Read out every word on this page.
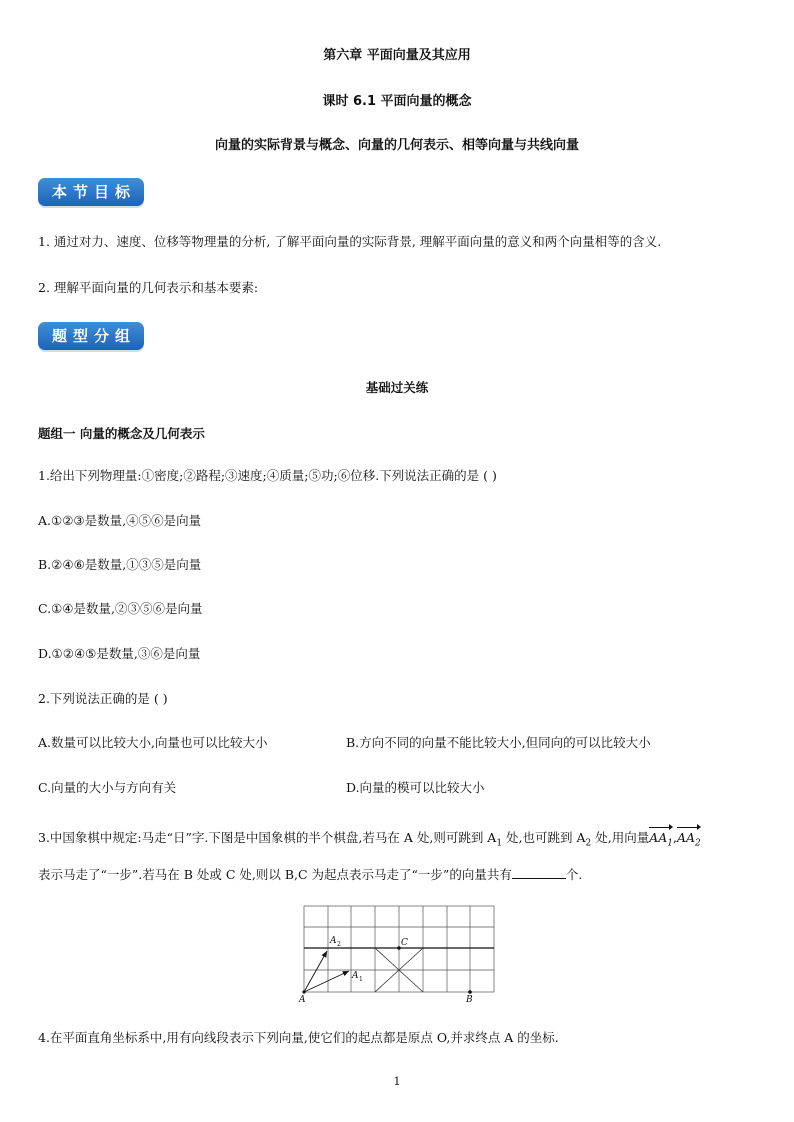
第六章 平面向量及其应用
课时 6.1 平面向量的概念
向量的实际背景与概念、向量的几何表示、相等向量与共线向量
本节目标
1. 通过对力、速度、位移等物理量的分析, 了解平面向量的实际背景, 理解平面向量的意义和两个向量相等的含义.
2. 理解平面向量的几何表示和基本要素:
题型分组
基础过关练
题组一 向量的概念及几何表示
1.给出下列物理量:①密度;②路程;③速度;④质量;⑤功;⑥位移.下列说法正确的是 ( )
A.①②③是数量,④⑤⑥是向量
B.②④⑥是数量,①③⑤是向量
C.①④是数量,②③⑤⑥是向量
D.①②④⑤是数量,③⑥是向量
2.下列说法正确的是 ( )
A.数量可以比较大小,向量也可以比较大小	B.方向不同的向量不能比较大小,但同向的可以比较大小
C.向量的大小与方向有关	D.向量的模可以比较大小
3.中国象棋中规定:马走“日”字.下图是中国象棋的半个棋盘,若马在 A 处,则可跳到 $A_1$ 处,也可跳到 $A_2$ 处,用向量$AA_1,AA_2$
表示马走了“一步”.若马在 B 处或 C 处,则以 B,C 为起点表示马走了“一步”的向量共有	个.
A
A 2
A 1
B
C
4.在平面直角坐标系中,用有向线段表示下列向量,使它们的起点都是原点 O,并求终点 A 的坐标.
1
